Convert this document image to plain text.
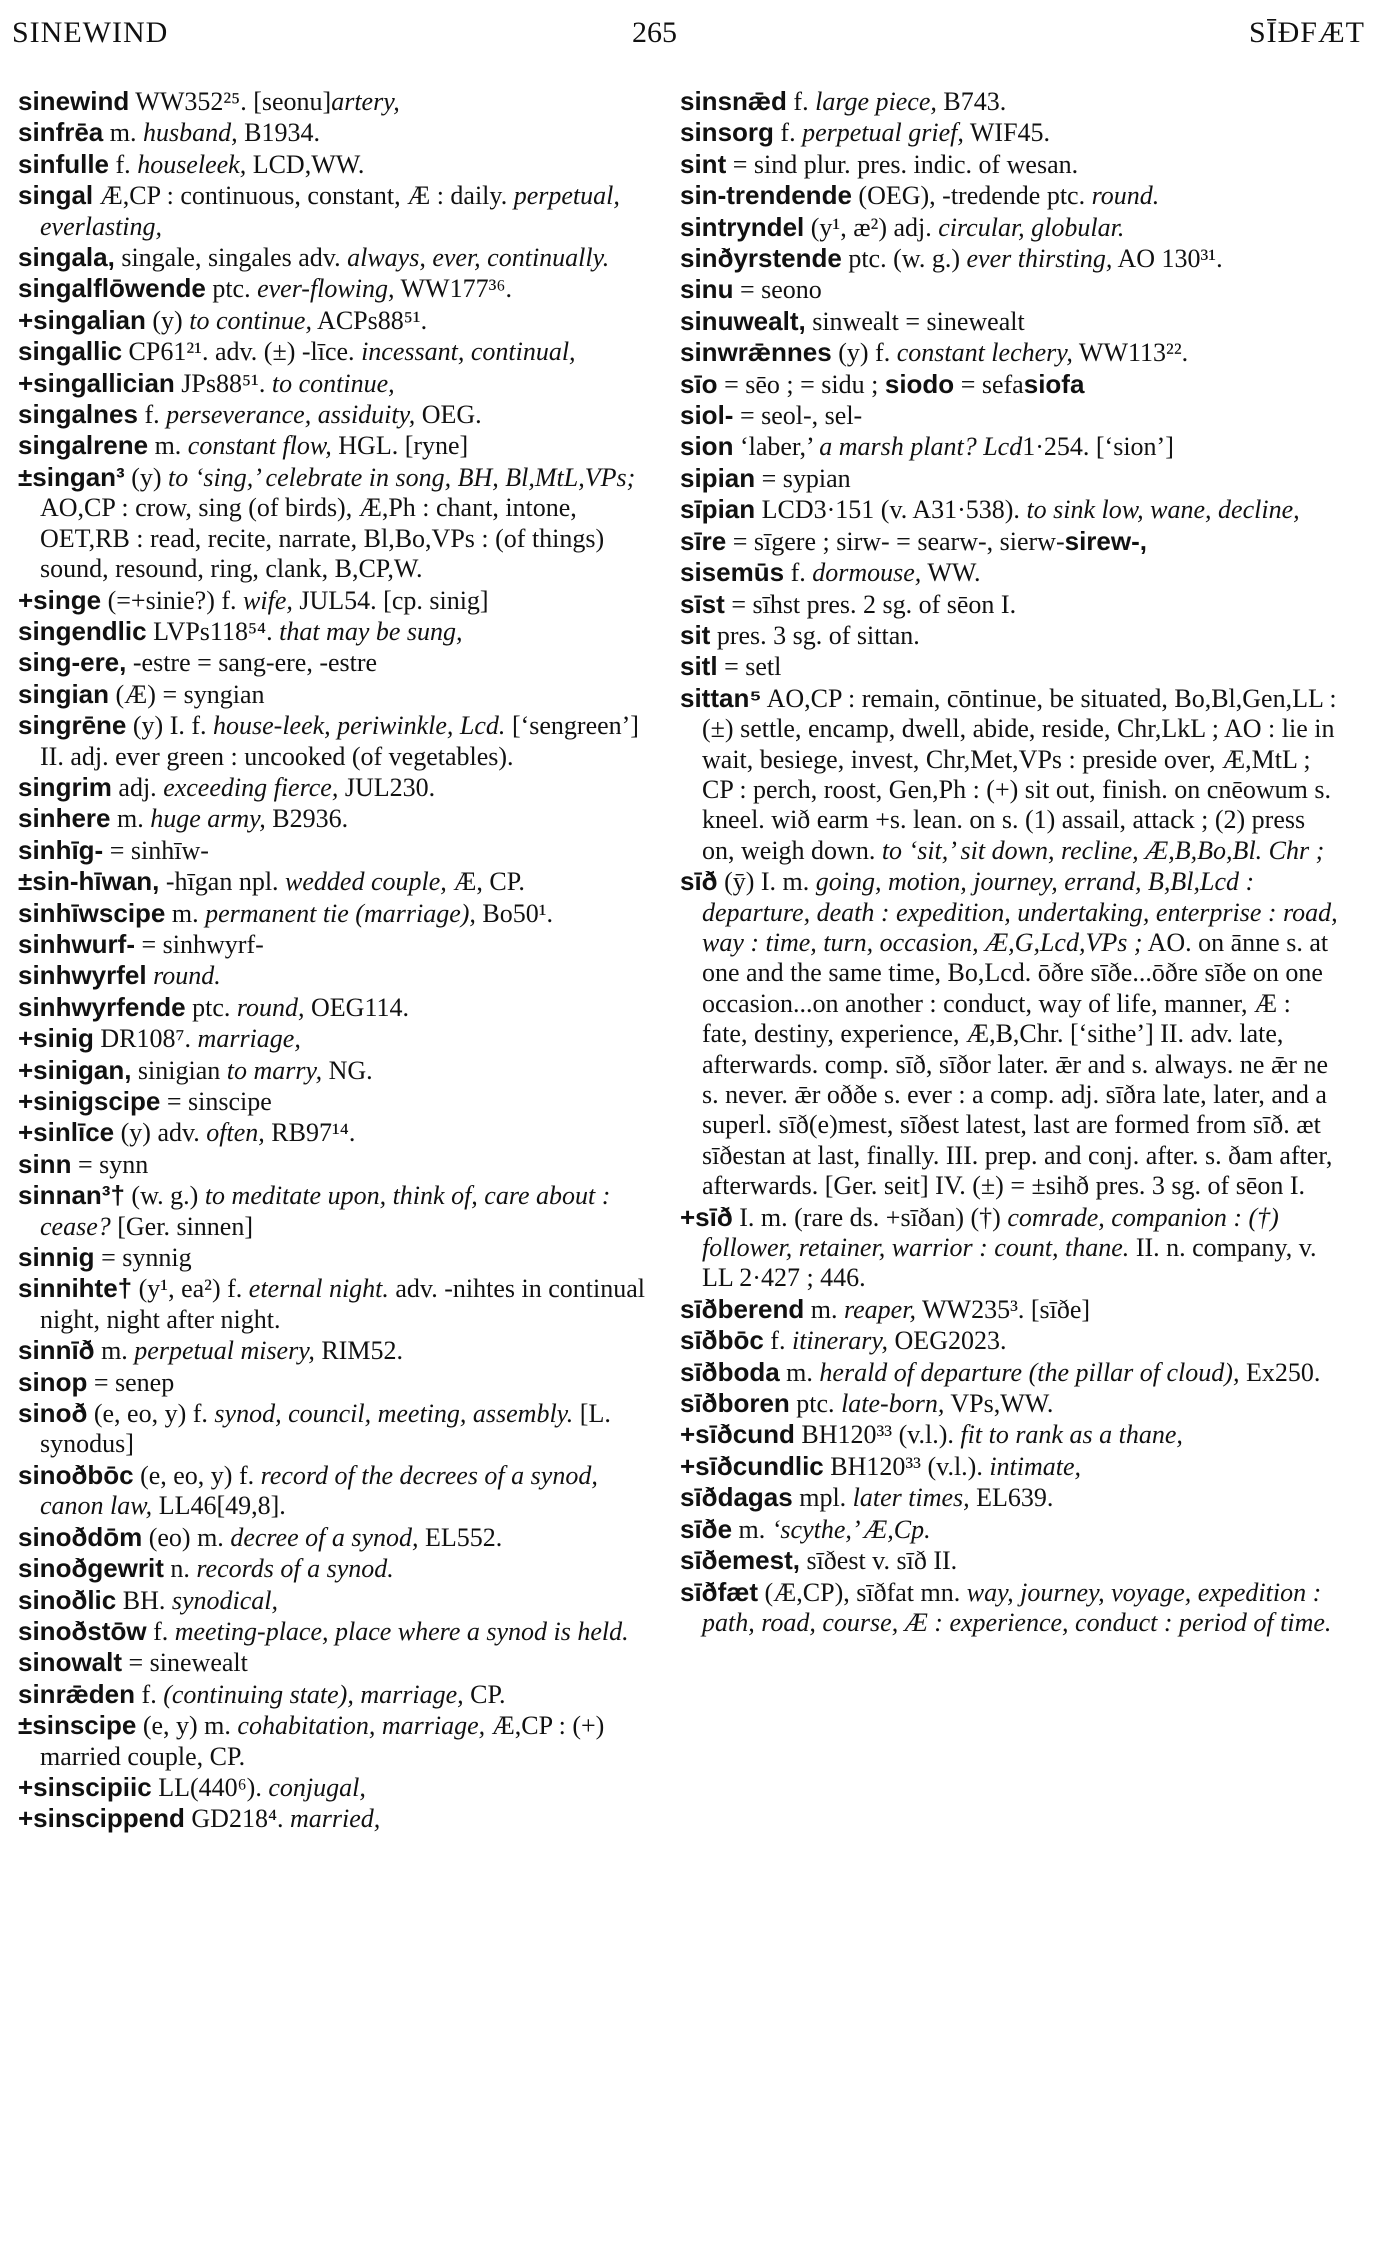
SINEWIND	265	SĪÐFÆT

sinewind WW352²⁵. [seonu]artery,

sinfrēa m. husband, B1934.

sinfulle f. houseleek, LCD,WW.

singal Æ,CP : continuous, constant, Æ : daily. perpetual, everlasting,

singala, singale, singales adv. always, ever, continually.

singalflōwende ptc. ever-flowing, WW177³⁶.

+singalian (y) to continue, ACPs88⁵¹.

singallic CP61²¹. adv. (±) -līce. incessant, continual,

+singallician JPs88⁵¹. to continue,

singalnes f. perseverance, assiduity, OEG.

singalrene m. constant flow, HGL. [ryne]

±singan³ (y) to ‘sing,’ celebrate in song, BH, Bl,MtL,VPs; AO,CP : crow, sing (of birds), Æ,Ph : chant, intone, OET,RB : read, recite, narrate, Bl,Bo,VPs : (of things) sound, resound, ring, clank, B,CP,W.

+singe (=+sinie?) f. wife, JUL54. [cp. sinig]

singendlic LVPs118⁵⁴. that may be sung,

sing-ere, -estre = sang-ere, -estre

singian (Æ) = syngian

singrēne (y) I. f. house-leek, periwinkle, Lcd. [‘sengreen’] II. adj. ever green : uncooked (of vegetables).

singrim adj. exceeding fierce, JUL230.

sinhere m. huge army, B2936.

sinhīg- = sinhīw-

±sin-hīwan, -hīgan npl. wedded couple, Æ, CP.

sinhīwscipe m. permanent tie (marriage), Bo50¹.

sinhwurf- = sinhwyrf-

sinhwyrfel round.

sinhwyrfende ptc. round, OEG114.

+sinig DR108⁷. marriage,

+sinigan, sinigian to marry, NG.

+sinigscipe = sinscipe

+sinlīce (y) adv. often, RB97¹⁴.

sinn = synn

sinnan³† (w. g.) to meditate upon, think of, care about : cease? [Ger. sinnen]

sinnig = synnig

sinnihte† (y¹, ea²) f. eternal night. adv. -nihtes in continual night, night after night.

sinnīð m. perpetual misery, RIM52.

sinop = senep

sinoð (e, eo, y) f. synod, council, meeting, assembly. [L. synodus]

sinoðbōc (e, eo, y) f. record of the decrees of a synod, canon law, LL46[49,8].

sinoðdōm (eo) m. decree of a synod, EL552.

sinoðgewrit n. records of a synod.

sinoðlic BH. synodical,

sinoðstōw f. meeting-place, place where a synod is held.

sinowalt = sinewealt

sinrǣden f. (continuing state), marriage, CP.

±sinscipe (e, y) m. cohabitation, marriage, Æ,CP : (+) married couple, CP.

+sinscipiic LL(440⁶). conjugal,

+sinscippend GD218⁴. married,

sinsnǣd f. large piece, B743.

sinsorg f. perpetual grief, WIF45.

sint = sind plur. pres. indic. of wesan.

sin-trendende (OEG), -tredende ptc. round.

sintryndel (y¹, æ²) adj. circular, globular.

sinðyrstende ptc. (w. g.) ever thirsting, AO 130³¹.

sinu = seono

sinuwealt, sinwealt = sinewealt

sinwrǣnnes (y) f. constant lechery, WW113²².

sīo = sēo ; = sidu ; siodo = sefasiofa

siol- = seol-, sel-

sion ‘laber,’ a marsh plant? Lcd1·254. [‘sion’]

sipian = sypian

sīpian LCD3·151 (v. A31·538). to sink low, wane, decline,

sīre = sīgere ; sirw- = searw-, sierw-sirew-,

sisemūs f. dormouse, WW.

sīst = sīhst pres. 2 sg. of sēon I.

sit pres. 3 sg. of sittan.

sitl = setl

sittan⁵ AO,CP : remain, cōntinue, be situated, Bo,Bl,Gen,LL : (±) settle, encamp, dwell, abide, reside, Chr,LkL ; AO : lie in wait, besiege, invest, Chr,Met,VPs : preside over, Æ,MtL ; CP : perch, roost, Gen,Ph : (+) sit out, finish. on cnēowum s. kneel. wið earm +s. lean. on s. (1) assail, attack ; (2) press on, weigh down. to ‘sit,’ sit down, recline, Æ,B,Bo,Bl. Chr ;

sīð (ȳ) I. m. going, motion, journey, errand, B,Bl,Lcd : departure, death : expedition, undertaking, enterprise : road, way : time, turn, occasion, Æ,G,Lcd,VPs ; AO. on ānne s. at one and the same time, Bo,Lcd. ōðre sīðe...ōðre sīðe on one occasion...on another : conduct, way of life, manner, Æ : fate, destiny, experience, Æ,B,Chr. [‘sithe’] II. adv. late, afterwards. comp. sīð, sīðor later. ǣr and s. always. ne ǣr ne s. never. ǣr oððe s. ever : a comp. adj. sīðra late, later, and a superl. sīð(e)mest, sīðest latest, last are formed from sīð. æt sīðestan at last, finally. III. prep. and conj. after. s. ðam after, afterwards. [Ger. seit] IV. (±) = ±sihð pres. 3 sg. of sēon I.

+sīð I. m. (rare ds. +sīðan) (†) comrade, companion : (†) follower, retainer, warrior : count, thane. II. n. company, v. LL 2·427 ; 446.

sīðberend m. reaper, WW235³. [sīðe]

sīðbōc f. itinerary, OEG2023.

sīðboda m. herald of departure (the pillar of cloud), Ex250.

sīðboren ptc. late-born, VPs,WW.

+sīðcund BH120³³ (v.l.). fit to rank as a thane,

+sīðcundlic BH120³³ (v.l.). intimate,

sīðdagas mpl. later times, EL639.

sīðe m. ‘scythe,’ Æ,Cp.

sīðemest, sīðest v. sīð II.

sīðfæt (Æ,CP), sīðfat mn. way, journey, voyage, expedition : path, road, course, Æ : experience, conduct : period of time.
